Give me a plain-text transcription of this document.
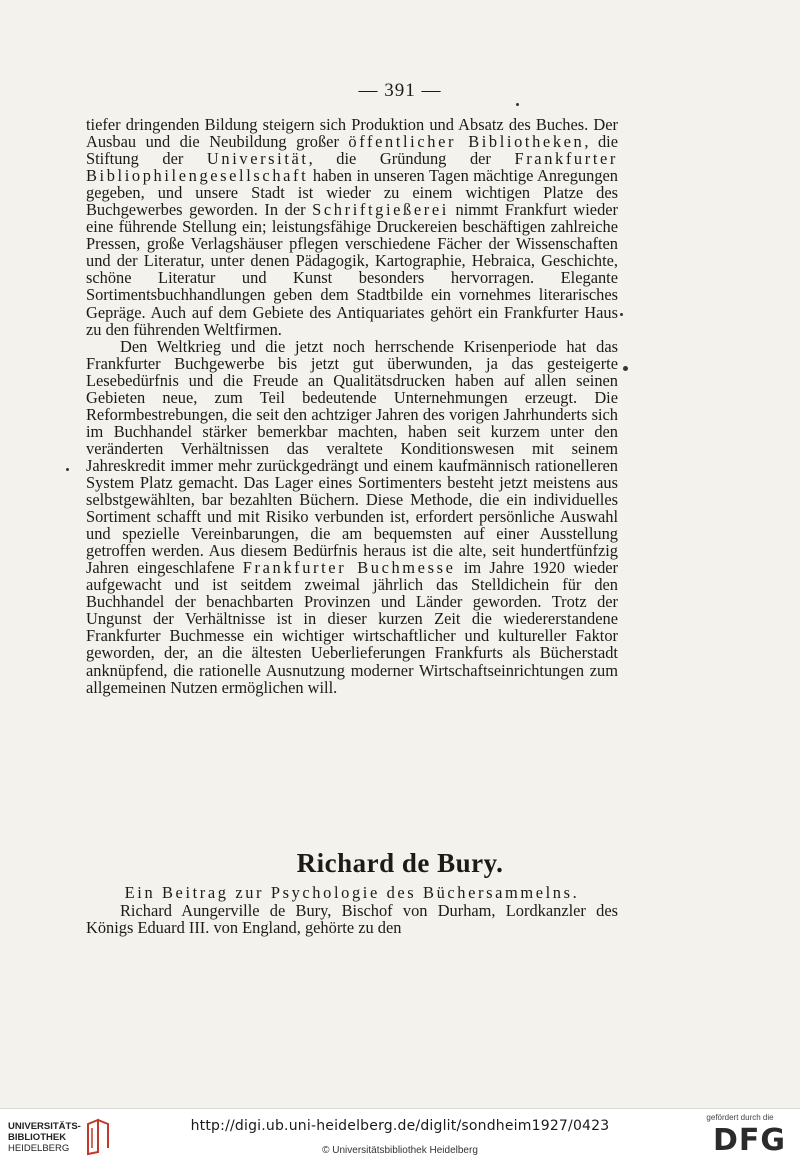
— 391 —

tiefer dringenden Bildung steigern sich Produktion und Absatz des Buches. Der Ausbau und die Neubildung großer öffentlicher Bibliotheken, die Stiftung der Universität, die Gründung der Frankfurter Bibliophilengesellschaft haben in unseren Tagen mächtige Anregungen gegeben, und unsere Stadt ist wieder zu einem wichtigen Platze des Buchgewerbes geworden. In der Schriftgießerei nimmt Frankfurt wieder eine führende Stellung ein; leistungsfähige Druckereien beschäftigen zahlreiche Pressen, große Verlagshäuser pflegen verschiedene Fächer der Wissenschaften und der Literatur, unter denen Pädagogik, Kartographie, Hebraica, Geschichte, schöne Literatur und Kunst besonders hervorragen. Elegante Sortimentsbuchhandlungen geben dem Stadtbilde ein vornehmes literarisches Gepräge. Auch auf dem Gebiete des Antiquariates gehört ein Frankfurter Haus zu den führenden Weltfirmen.

Den Weltkrieg und die jetzt noch herrschende Krisenperiode hat das Frankfurter Buchgewerbe bis jetzt gut überwunden, ja das gesteigerte Lesebedürfnis und die Freude an Qualitätsdrucken haben auf allen seinen Gebieten neue, zum Teil bedeutende Unternehmungen erzeugt. Die Reformbestrebungen, die seit den achtziger Jahren des vorigen Jahrhunderts sich im Buchhandel stärker bemerkbar machten, haben seit kurzem unter den veränderten Verhältnissen das veraltete Konditionswesen mit seinem Jahreskredit immer mehr zurückgedrängt und einem kaufmännisch rationelleren System Platz gemacht. Das Lager eines Sortimenters besteht jetzt meistens aus selbstgewählten, bar bezahlten Büchern. Diese Methode, die ein individuelles Sortiment schafft und mit Risiko verbunden ist, erfordert persönliche Auswahl und spezielle Vereinbarungen, die am bequemsten auf einer Ausstellung getroffen werden. Aus diesem Bedürfnis heraus ist die alte, seit hundertfünfzig Jahren eingeschlafene Frankfurter Buchmesse im Jahre 1920 wieder aufgewacht und ist seitdem zweimal jährlich das Stelldichein für den Buchhandel der benachbarten Provinzen und Länder geworden. Trotz der Ungunst der Verhältnisse ist in dieser kurzen Zeit die wiedererstandene Frankfurter Buchmesse ein wichtiger wirtschaftlicher und kultureller Faktor geworden, der, an die ältesten Ueberlieferungen Frankfurts als Bücherstadt anknüpfend, die rationelle Ausnutzung moderner Wirtschaftseinrichtungen zum allgemeinen Nutzen ermöglichen will.

Richard de Bury.
Ein Beitrag zur Psychologie des Büchersammelns.
Richard Aungerville de Bury, Bischof von Durham, Lordkanzler des Königs Eduard III. von England, gehörte zu den
UNIVERSITÄTS-
BIBLIOTHEK
HEIDELBERG
http://digi.ub.uni-heidelberg.de/diglit/sondheim1927/0423
© Universitätsbibliothek Heidelberg
gefördert durch die
DFG
